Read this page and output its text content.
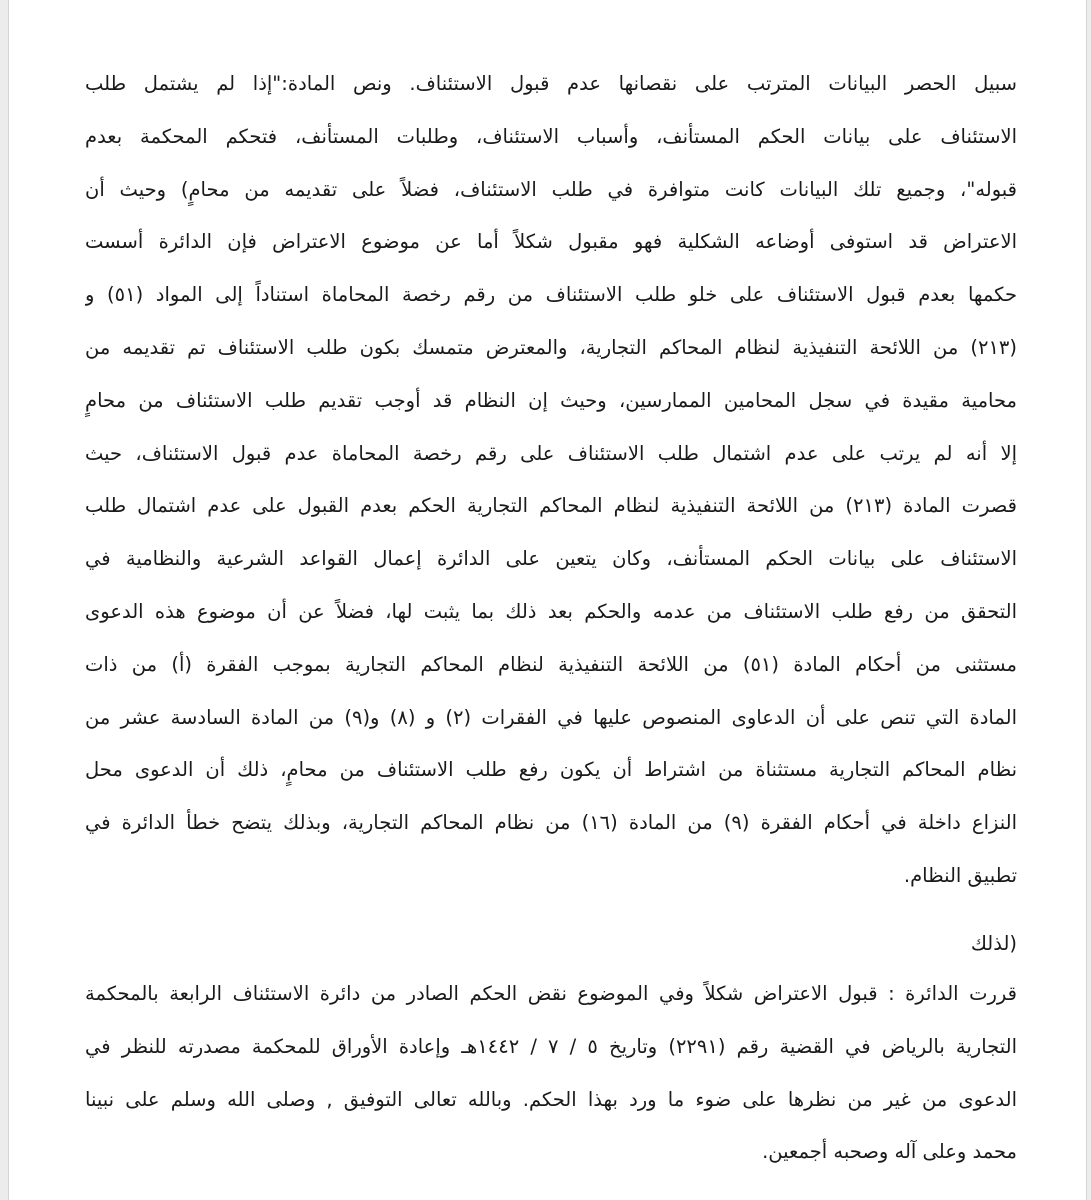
سبيل الحصر البيانات المترتب على نقصانها عدم قبول الاستئناف. ونص المادة:"إذا لم يشتمل طلب
الاستئناف على بيانات الحكم المستأنف، وأسباب الاستئناف، وطلبات المستأنف، فتحكم المحكمة بعدم
قبوله"، وجميع تلك البيانات كانت متوافرة في طلب الاستئناف، فضلاً على تقديمه من محامٍ) وحيث أن
الاعتراض قد استوفى أوضاعه الشكلية فهو مقبول شكلاً أما عن موضوع الاعتراض فإن الدائرة أسست
حكمها بعدم قبول الاستئناف على خلو طلب الاستئناف من رقم رخصة المحاماة استناداً إلى المواد (٥١) و
(٢١٣) من اللائحة التنفيذية لنظام المحاكم التجارية، والمعترض متمسك بكون طلب الاستئناف تم تقديمه من
محامية مقيدة في سجل المحامين الممارسين، وحيث إن النظام قد أوجب تقديم طلب الاستئناف من محامٍ
إلا أنه لم يرتب على عدم اشتمال طلب الاستئناف على رقم رخصة المحاماة عدم قبول الاستئناف، حيث
قصرت المادة (٢١٣) من اللائحة التنفيذية لنظام المحاكم التجارية الحكم بعدم القبول على عدم اشتمال طلب
الاستئناف على بيانات الحكم المستأنف، وكان يتعين على الدائرة إعمال القواعد الشرعية والنظامية في
التحقق من رفع طلب الاستئناف من عدمه والحكم بعد ذلك بما يثبت لها، فضلاً عن أن موضوع هذه الدعوى
مستثنى من أحكام المادة (٥١) من اللائحة التنفيذية لنظام المحاكم التجارية بموجب الفقرة (أ) من ذات
المادة التي تنص على أن الدعاوى المنصوص عليها في الفقرات (٢) و (٨) و(٩) من المادة السادسة عشر من
نظام المحاكم التجارية مستثناة من اشتراط أن يكون رفع طلب الاستئناف من محامٍ، ذلك أن الدعوى محل
النزاع داخلة في أحكام الفقرة (٩) من المادة (١٦) من نظام المحاكم التجارية، وبذلك يتضح خطأ الدائرة في
تطبيق النظام.
(لذلك
قررت الدائرة : قبول الاعتراض شكلاً وفي الموضوع نقض الحكم الصادر من دائرة الاستئناف الرابعة بالمحكمة
التجارية بالرياض في القضية رقم (٢٢٩١) وتاريخ ٥ / ٧ / ١٤٤٢هـ وإعادة الأوراق للمحكمة مصدرته للنظر في
الدعوى من غير من نظرها على ضوء ما ورد بهذا الحكم. وبالله تعالى التوفيق , وصلى الله وسلم على نبينا
محمد وعلى آله وصحبه أجمعين.
